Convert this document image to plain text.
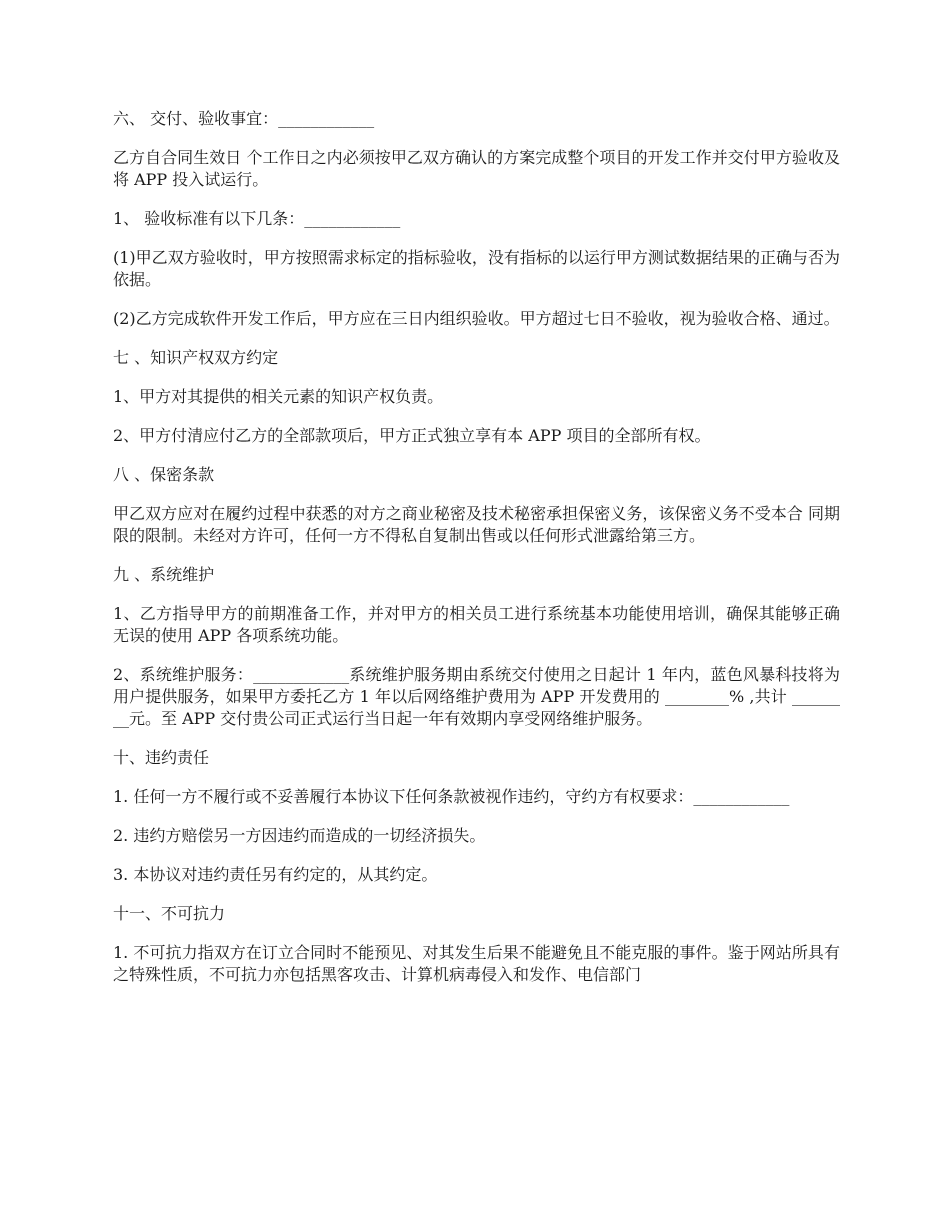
六、 交付、验收事宜：____________

乙方自合同生效日 个工作日之内必须按甲乙双方确认的方案完成整个项目的开发工作并交付甲方验收及将 APP 投入试运行。

1、 验收标准有以下几条：____________

(1)甲乙双方验收时，甲方按照需求标定的指标验收，没有指标的以运行甲方测试数据结果的正确与否为依据。

(2)乙方完成软件开发工作后，甲方应在三日内组织验收。甲方超过七日不验收，视为验收合格、通过。

七 、知识产权双方约定

1、甲方对其提供的相关元素的知识产权负责。

2、甲方付清应付乙方的全部款项后，甲方正式独立享有本 APP 项目的全部所有权。

八 、保密条款

甲乙双方应对在履约过程中获悉的对方之商业秘密及技术秘密承担保密义务，该保密义务不受本合 同期限的限制。未经对方许可，任何一方不得私自复制出售或以任何形式泄露给第三方。

九 、系统维护

1、乙方指导甲方的前期准备工作，并对甲方的相关员工进行系统基本功能使用培训，确保其能够正确无误的使用 APP 各项系统功能。

2、系统维护服务：____________系统维护服务期由系统交付使用之日起计 1 年内，蓝色风暴科技将为用户提供服务，如果甲方委托乙方 1 年以后网络维护费用为 APP 开发费用的 ________% ,共计 ________元。至 APP 交付贵公司正式运行当日起一年有效期内享受网络维护服务。

十、违约责任

1. 任何一方不履行或不妥善履行本协议下任何条款被视作违约，守约方有权要求：____________

2. 违约方赔偿另一方因违约而造成的一切经济损失。

3. 本协议对违约责任另有约定的，从其约定。

十一、不可抗力

1. 不可抗力指双方在订立合同时不能预见、对其发生后果不能避免且不能克服的事件。鉴于网站所具有之特殊性质，不可抗力亦包括黑客攻击、计算机病毒侵入和发作、电信部门
